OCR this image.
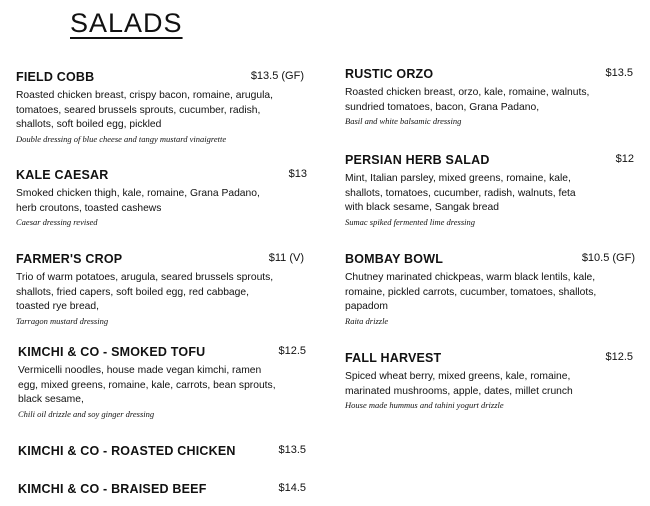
SALADS
FIELD COBB	$13.5 (GF)
Roasted chicken breast, crispy bacon, romaine, arugula, tomatoes, seared brussels sprouts, cucumber, radish, shallots, soft boiled egg, pickled
Double dressing of blue cheese and tangy mustard vinaigrette
KALE CAESAR	$13
Smoked chicken thigh, kale, romaine, Grana Padano, herb croutons, toasted cashews
Caesar dressing revised
FARMER'S CROP	$11 (V)
Trio of warm potatoes, arugula, seared brussels sprouts, shallots, fried capers, soft boiled egg, red cabbage, toasted rye bread,
Tarragon mustard dressing
KIMCHI & CO - SMOKED TOFU	$12.5
Vermicelli noodles, house made vegan kimchi, ramen egg, mixed greens, romaine, kale, carrots, bean sprouts, black sesame,
Chili oil drizzle and soy ginger dressing
KIMCHI & CO - ROASTED CHICKEN	$13.5
KIMCHI & CO - BRAISED BEEF	$14.5
RUSTIC ORZO	$13.5
Roasted chicken breast, orzo, kale, romaine, walnuts, sundried tomatoes, bacon, Grana Padano,
Basil and white balsamic dressing
PERSIAN HERB SALAD	$12
Mint, Italian parsley, mixed greens, romaine, kale, shallots, tomatoes, cucumber, radish, walnuts, feta with black sesame, Sangak bread
Sumac spiked fermented lime dressing
BOMBAY BOWL	$10.5 (GF)
Chutney marinated chickpeas, warm black lentils, kale, romaine, pickled carrots, cucumber, tomatoes, shallots, papadom
Raita drizzle
FALL HARVEST	$12.5
Spiced wheat berry, mixed greens, kale, romaine, marinated mushrooms, apple, dates, millet crunch
House made hummus and tahini yogurt drizzle
